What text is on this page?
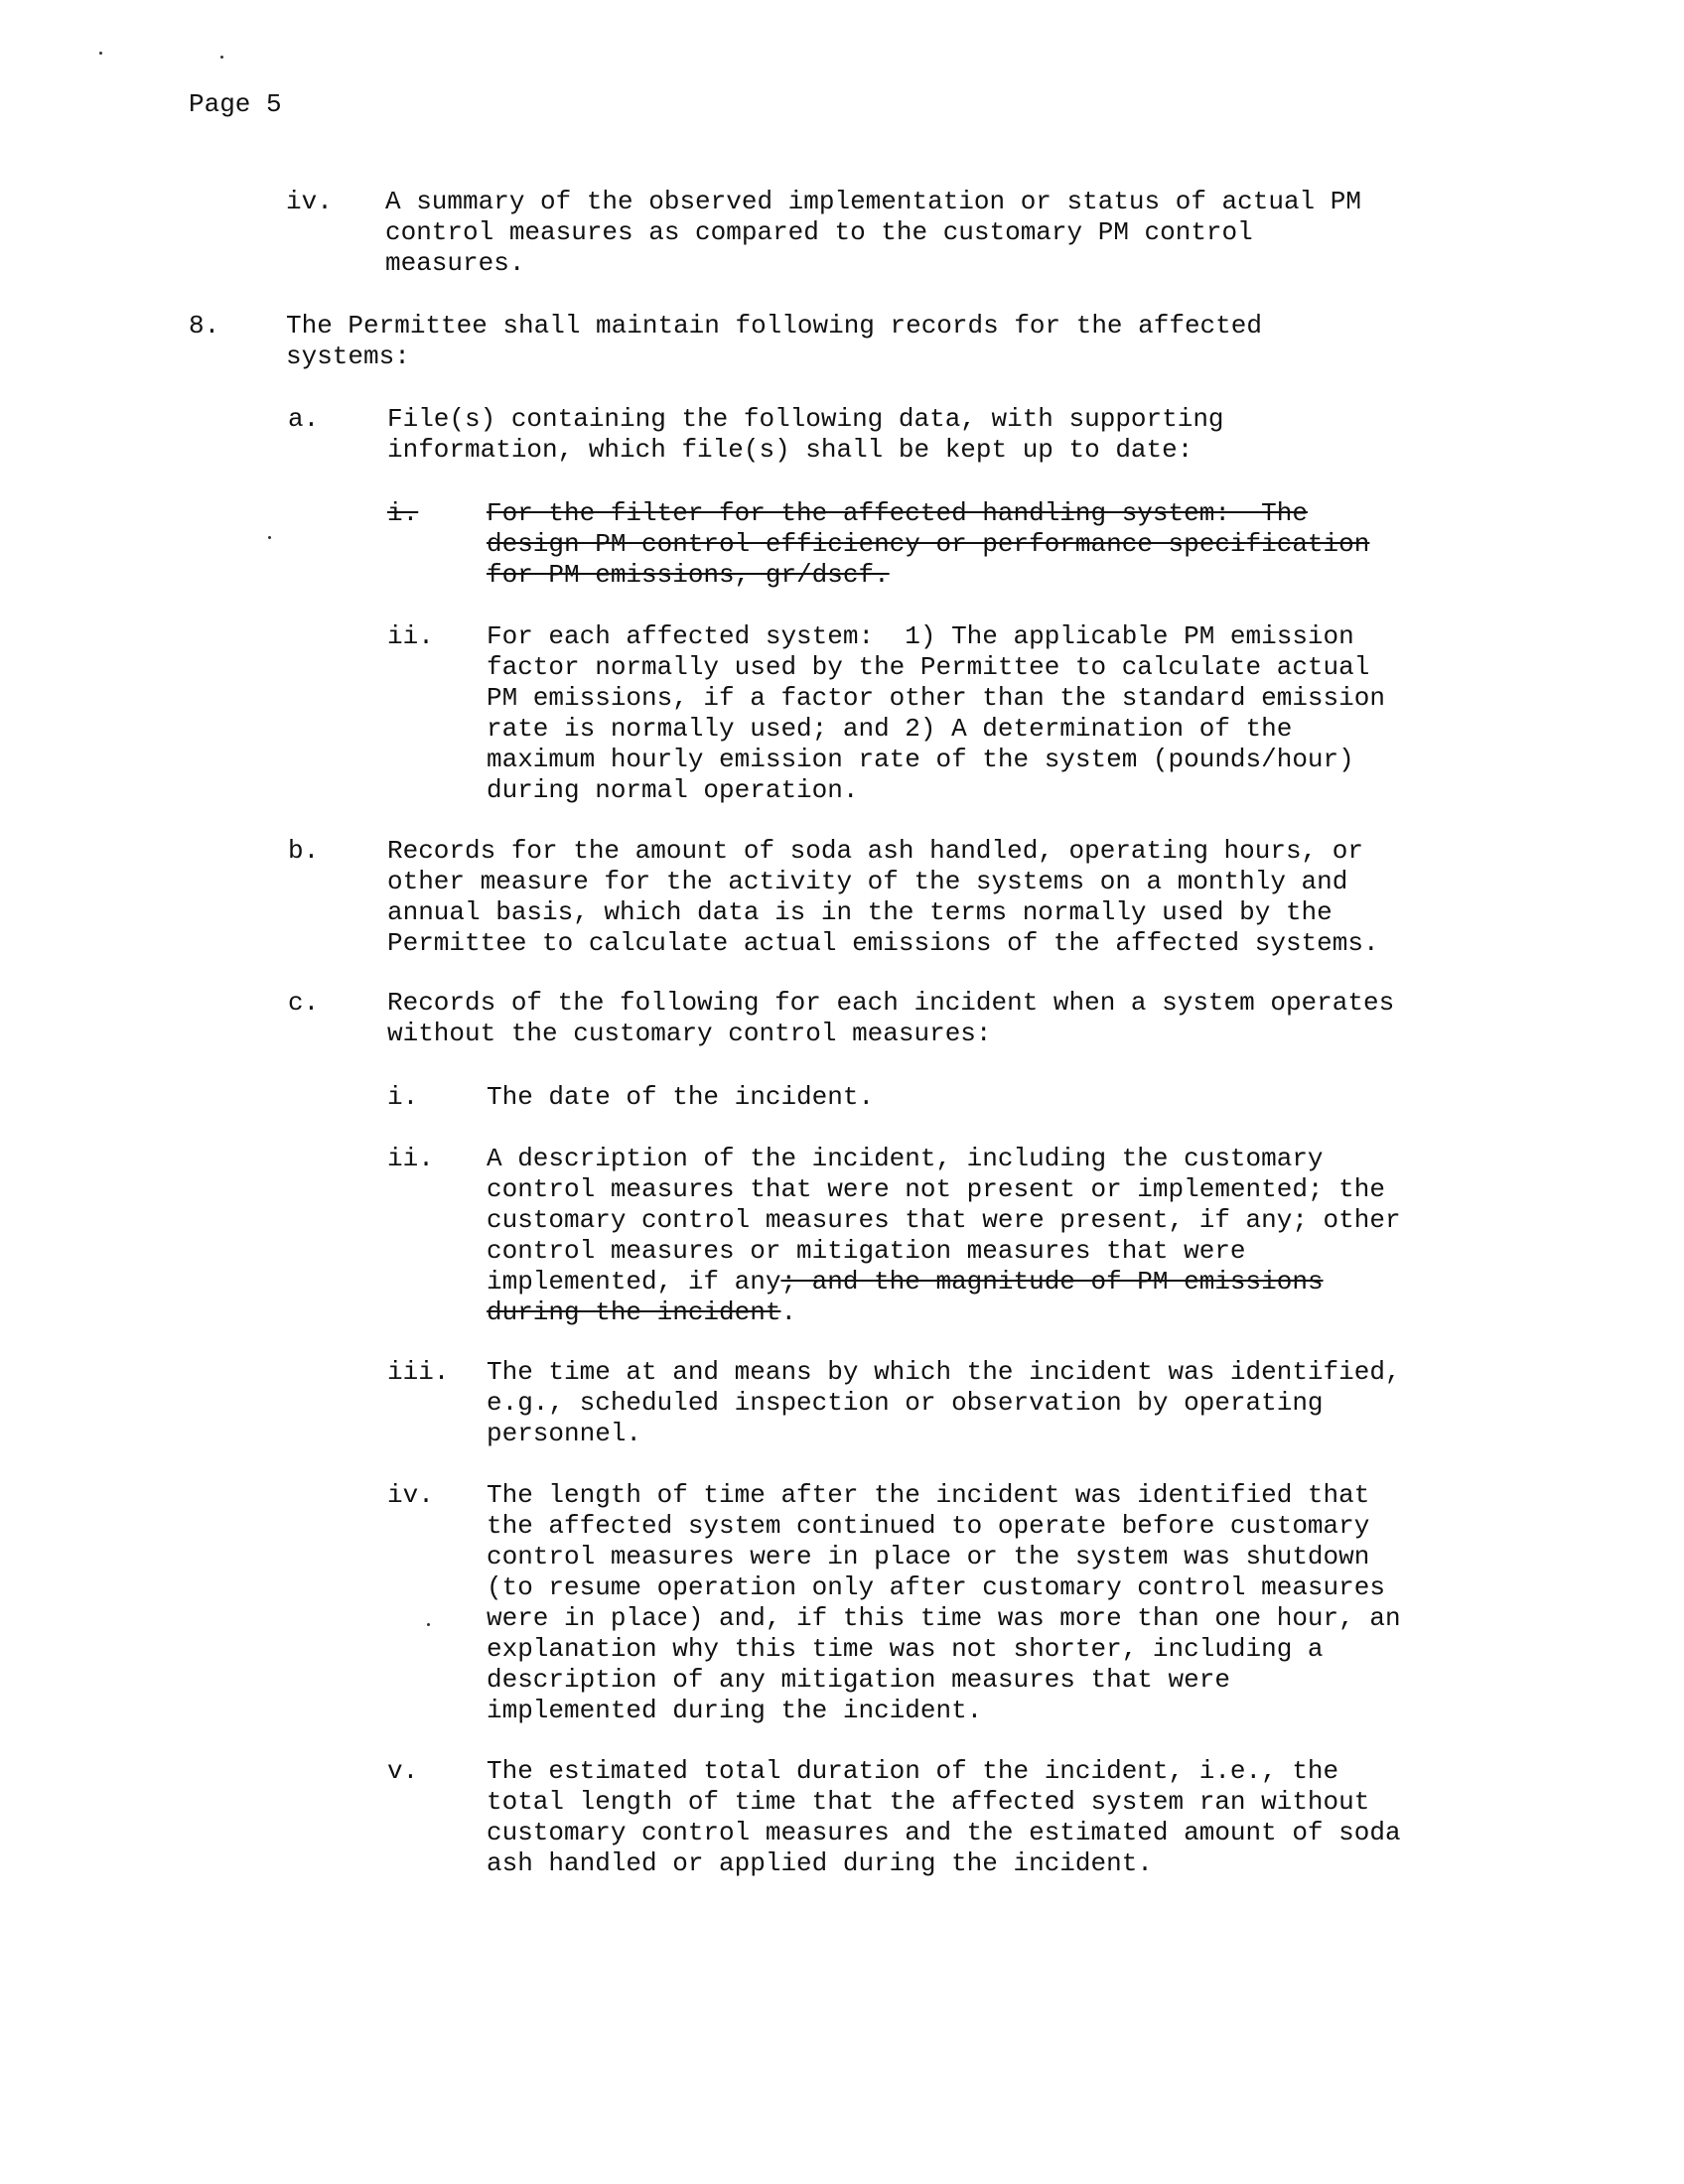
Page 5
iv. A summary of the observed implementation or status of actual PM
control measures as compared to the customary PM control
measures.
8.	The Permittee shall maintain following records for the affected
systems:
a.	File(s) containing the following data, with supporting
information, which file(s) shall be kept up to date:
i.	For the filter for the affected handling system:  The
design PM control efficiency or performance specification
for PM emissions, gr/dscf.
ii. For each affected system:  1) The applicable PM emission
factor normally used by the Permittee to calculate actual
PM emissions, if a factor other than the standard emission
rate is normally used; and 2) A determination of the
maximum hourly emission rate of the system (pounds/hour)
during normal operation.
b.	Records for the amount of soda ash handled, operating hours, or
other measure for the activity of the systems on a monthly and
annual basis, which data is in the terms normally used by the
Permittee to calculate actual emissions of the affected systems.
c.	Records of the following for each incident when a system operates
without the customary control measures:
i.	The date of the incident.
ii. A description of the incident, including the customary
control measures that were not present or implemented; the
customary control measures that were present, if any; other
control measures or mitigation measures that were
implemented, if any; and the magnitude of PM emissions
during the incident.
iii. The time at and means by which the incident was identified,
e.g., scheduled inspection or observation by operating
personnel.
iv. The length of time after the incident was identified that
the affected system continued to operate before customary
control measures were in place or the system was shutdown
(to resume operation only after customary control measures
were in place) and, if this time was more than one hour, an
explanation why this time was not shorter, including a
description of any mitigation measures that were
implemented during the incident.
v.	The estimated total duration of the incident, i.e., the
total length of time that the affected system ran without
customary control measures and the estimated amount of soda
ash handled or applied during the incident.
